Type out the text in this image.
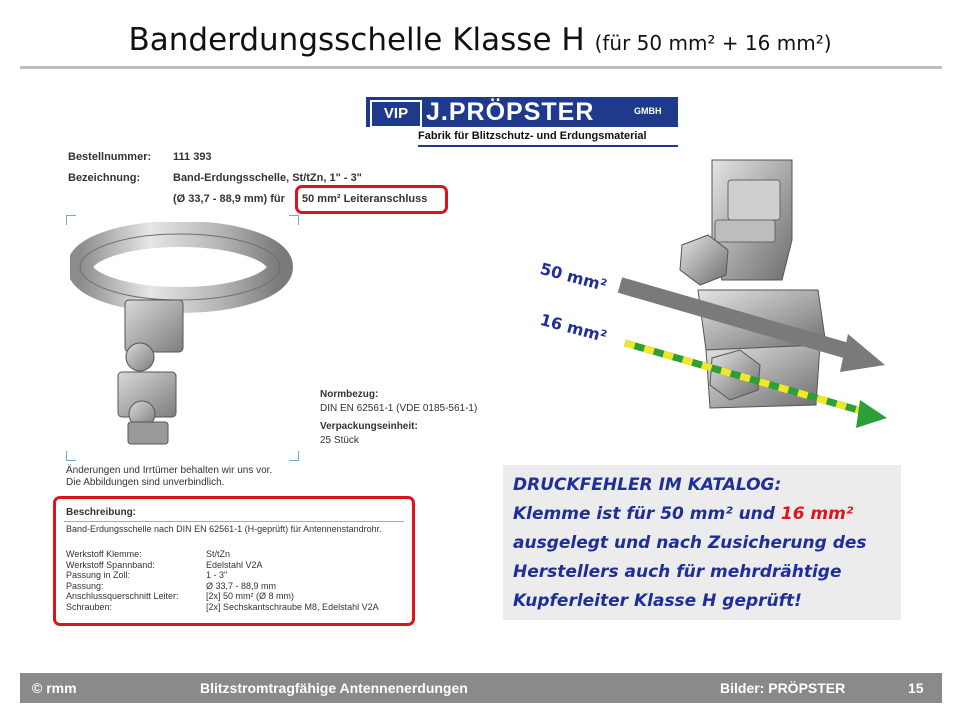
Banderdungsschelle Klasse H (für 50 mm² + 16 mm²)
VIP J.PRÖPSTER	GMBH
Fabrik für Blitzschutz- und Erdungsmaterial
Bestellnummer: 111 393
Bezeichnung:	Band-Erdungsschelle, St/tZn, 1" - 3"
(Ø 33,7 - 88,9 mm) für 50 mm² Leiteranschluss
Normbezug:
DIN EN 62561-1 (VDE 0185-561-1)
Verpackungseinheit:
25 Stück
Änderungen und Irrtümer behalten wir uns vor.
Die Abbildungen sind unverbindlich.
Beschreibung:
Band-Erdungsschelle nach DIN EN 62561-1 (H-geprüft) für Antennenstandrohr.
Werkstoff Klemme:	St/tZn
Werkstoff Spannband:	Edelstahl V2A
Passung in Zoll:	1 - 3"
Passung:	Ø 33,7 - 88,9 mm
Anschlussquerschnitt Leiter:	[2x] 50 mm² (Ø 8 mm)
Schrauben:	[2x] Sechskantschraube M8, Edelstahl V2A
50 mm²
16 mm²
DRUCKFEHLER IM KATALOG:
Klemme ist für 50 mm² und 16 mm²
ausgelegt und nach Zusicherung des
Herstellers auch für mehrdrähtige
Kupferleiter Klasse H geprüft!
© rmm	Blitzstromtragfähige Antennenerdungen	Bilder: PRÖPSTER	15
